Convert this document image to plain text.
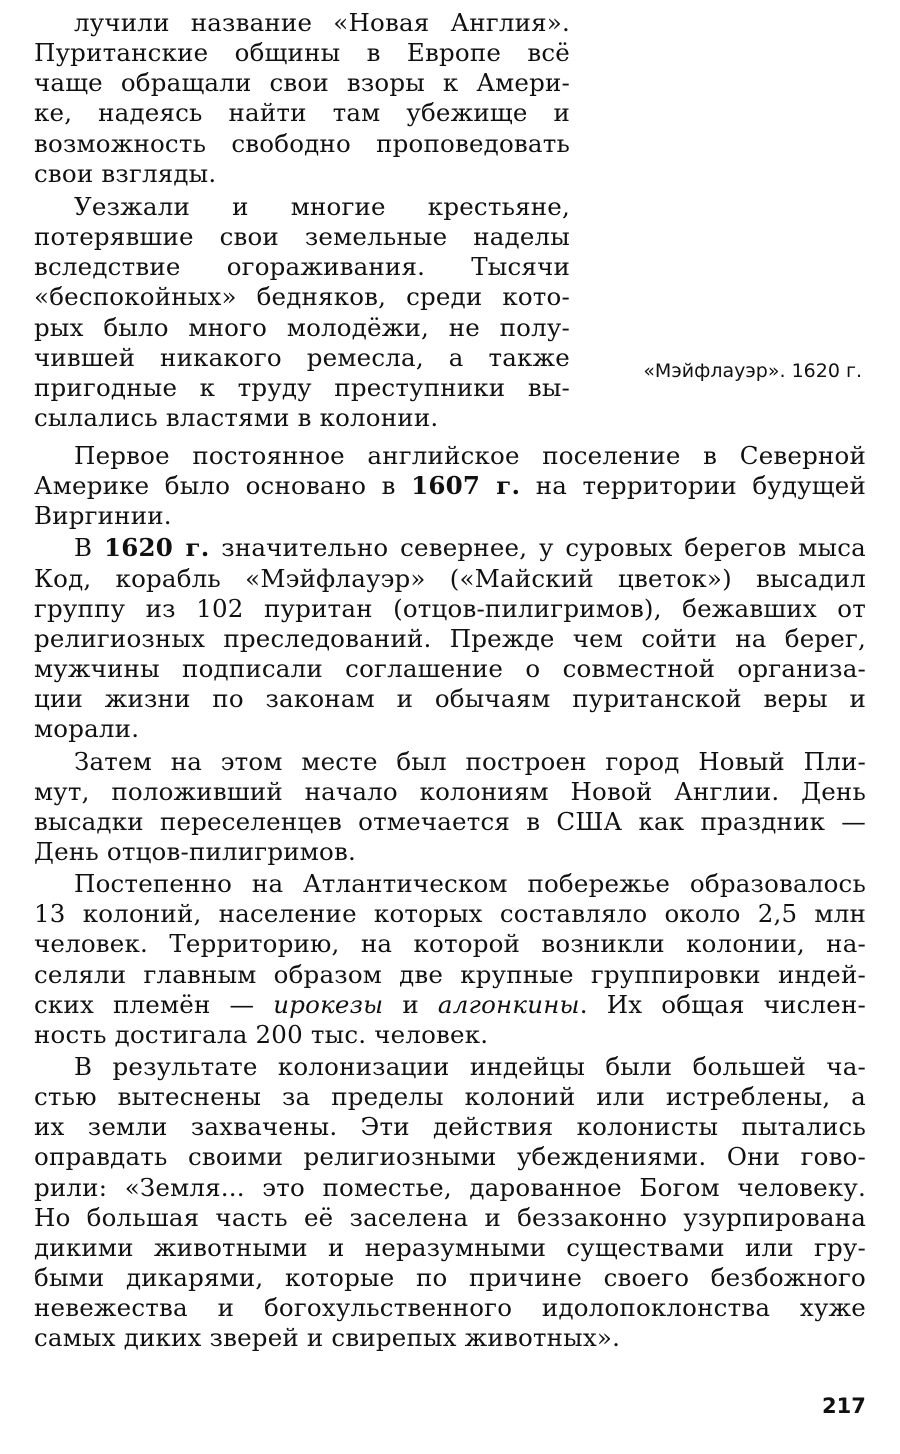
лучили название «Новая Англия».
Пуританские общины в Европе всё
чаще обращали свои взоры к Амери-
ке, надеясь найти там убежище и
возможность свободно проповедовать
свои взгляды.
Уезжали и многие крестьяне,
потерявшие свои земельные наделы
вследствие огораживания. Тысячи
«беспокойных» бедняков, среди кото-
рых было много молодёжи, не полу-
чившей никакого ремесла, а также
пригодные к труду преступники вы-
сылались властями в колонии.
Первое постоянное английское поселение в Северной
Америке было основано в 1607 г. на территории будущей
Виргинии.
В 1620 г. значительно севернее, у суровых берегов мыса
Код, корабль «Мэйфлауэр» («Майский цветок») высадил
группу из 102 пуритан (отцов-пилигримов), бежавших от
религиозных преследований. Прежде чем сойти на берег,
мужчины подписали соглашение о совместной организа-
ции жизни по законам и обычаям пуританской веры и
морали.
Затем на этом месте был построен город Новый Пли-
мут, положивший начало колониям Новой Англии. День
высадки переселенцев отмечается в США как праздник —
День отцов-пилигримов.
Постепенно на Атлантическом побережье образовалось
13 колоний, население которых составляло около 2,5 млн
человек. Территорию, на которой возникли колонии, на-
селяли главным образом две крупные группировки индей-
ских племён — ирокезы и алгонкины. Их общая числен-
ность достигала 200 тыс. человек.
В результате колонизации индейцы были большей ча-
стью вытеснены за пределы колоний или истреблены, а
их земли захвачены. Эти действия колонисты пытались
оправдать своими религиозными убеждениями. Они гово-
рили: «Земля... это поместье, дарованное Богом человеку.
Но большая часть её заселена и беззаконно узурпирована
дикими животными и неразумными существами или гру-
быми дикарями, которые по причине своего безбожного
невежества и богохульственного идолопоклонства хуже
самых диких зверей и свирепых животных».
«Мэйфлауэр». 1620 г.
217
